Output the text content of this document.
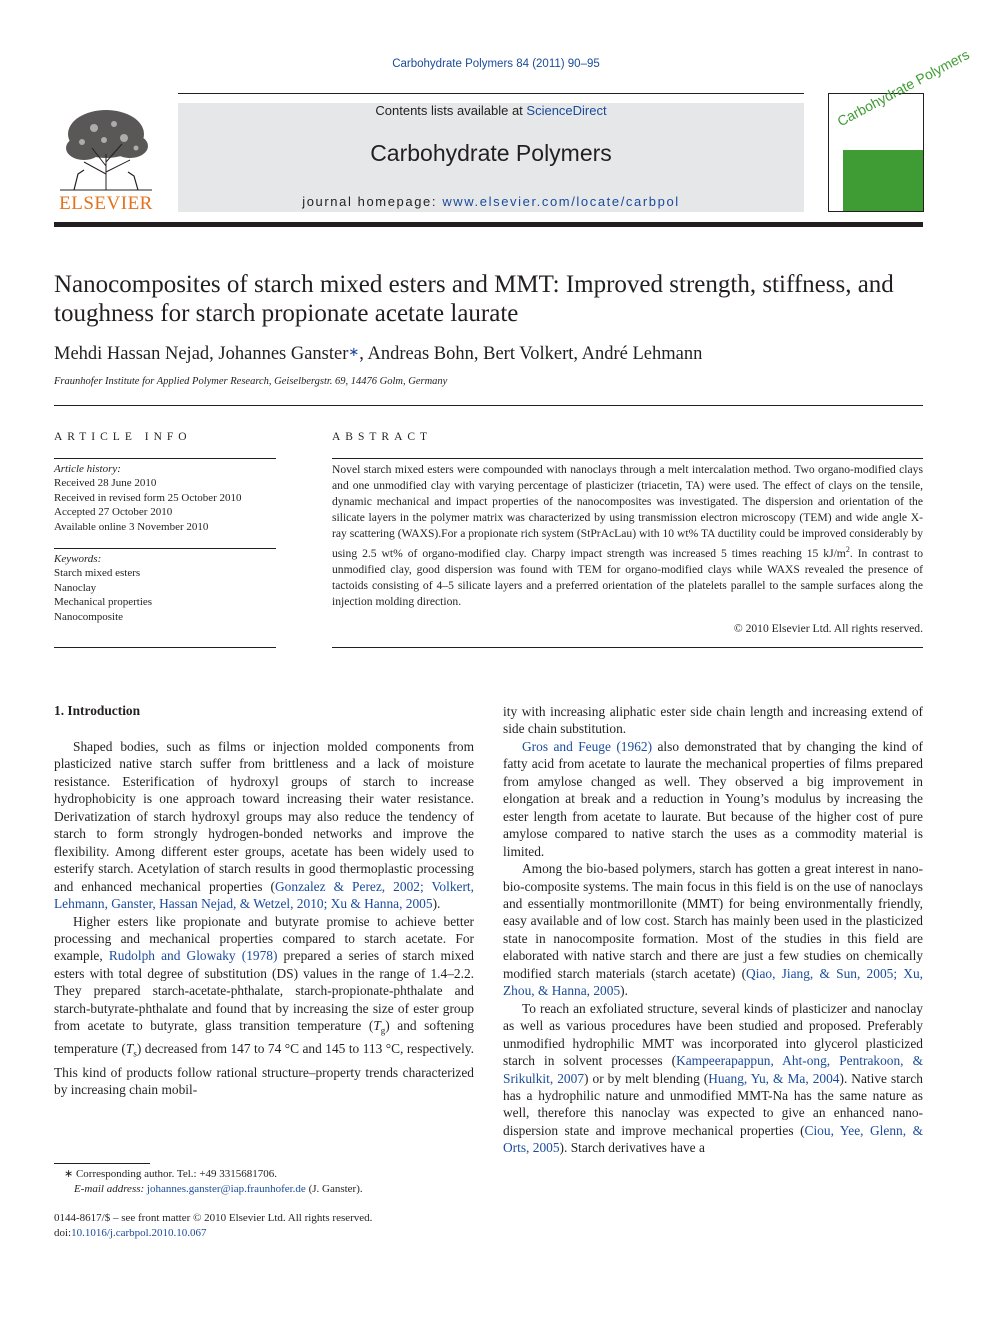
Carbohydrate Polymers 84 (2011) 90–95
ELSEVIER
Contents lists available at ScienceDirect
Carbohydrate Polymers
journal homepage: www.elsevier.com/locate/carbpol
Carbohydrate Polymers
Nanocomposites of starch mixed esters and MMT: Improved strength, stiffness, and toughness for starch propionate acetate laurate
Mehdi Hassan Nejad, Johannes Ganster∗, Andreas Bohn, Bert Volkert, André Lehmann
Fraunhofer Institute for Applied Polymer Research, Geiselbergstr. 69, 14476 Golm, Germany
ARTICLE INFO
Article history:
Received 28 June 2010
Received in revised form 25 October 2010
Accepted 27 October 2010
Available online 3 November 2010
Keywords:
Starch mixed esters
Nanoclay
Mechanical properties
Nanocomposite
ABSTRACT
Novel starch mixed esters were compounded with nanoclays through a melt intercalation method. Two organo-modified clays and one unmodified clay with varying percentage of plasticizer (triacetin, TA) were used. The effect of clays on the tensile, dynamic mechanical and impact properties of the nanocomposites was investigated. The dispersion and orientation of the silicate layers in the polymer matrix was characterized by using transmission electron microscopy (TEM) and wide angle X-ray scattering (WAXS).For a propionate rich system (StPrAcLau) with 10 wt% TA ductility could be improved considerably by using 2.5 wt% of organo-modified clay. Charpy impact strength was increased 5 times reaching 15 $kJ/m^2$. In contrast to unmodified clay, good dispersion was found with TEM for organo-modified clays while WAXS revealed the presence of tactoids consisting of 4–5 silicate layers and a preferred orientation of the platelets parallel to the sample surfaces along the injection molding direction.
© 2010 Elsevier Ltd. All rights reserved.
1. Introduction

Shaped bodies, such as films or injection molded components from plasticized native starch suffer from brittleness and a lack of moisture resistance. Esterification of hydroxyl groups of starch to increase hydrophobicity is one approach toward increasing their water resistance. Derivatization of starch hydroxyl groups may also reduce the tendency of starch to form strongly hydrogen-bonded networks and improve the flexibility. Among different ester groups, acetate has been widely used to esterify starch. Acetylation of starch results in good thermoplastic processing and enhanced mechanical properties (Gonzalez & Perez, 2002; Volkert, Lehmann, Ganster, Hassan Nejad, & Wetzel, 2010; Xu & Hanna, 2005).

Higher esters like propionate and butyrate promise to achieve better processing and mechanical properties compared to starch acetate. For example, Rudolph and Glowaky (1978) prepared a series of starch mixed esters with total degree of substitution (DS) values in the range of 1.4–2.2. They prepared starch-acetate-phthalate, starch-propionate-phthalate and starch-butyrate-phthalate and found that by increasing the size of ester group from acetate to butyrate, glass transition temperature $(T_g)$ and softening temperature $(T_s)$ decreased from 147 to 74 °C and 145 to 113 °C, respectively. This kind of products follow rational structure–property trends characterized by increasing chain mobil-

ity with increasing aliphatic ester side chain length and increasing extend of side chain substitution.

Gros and Feuge (1962) also demonstrated that by changing the kind of fatty acid from acetate to laurate the mechanical properties of films prepared from amylose changed as well. They observed a big improvement in elongation at break and a reduction in Young’s modulus by increasing the ester length from acetate to laurate. But because of the higher cost of pure amylose compared to native starch the uses as a commodity material is limited.

Among the bio-based polymers, starch has gotten a great interest in nano-bio-composite systems. The main focus in this field is on the use of nanoclays and essentially montmorillonite (MMT) for being environmentally friendly, easy available and of low cost. Starch has mainly been used in the plasticized state in nanocomposite formation. Most of the studies in this field are elaborated with native starch and there are just a few studies on chemically modified starch materials (starch acetate) (Qiao, Jiang, & Sun, 2005; Xu, Zhou, & Hanna, 2005).

To reach an exfoliated structure, several kinds of plasticizer and nanoclay as well as various procedures have been studied and proposed. Preferably unmodified hydrophilic MMT was incorporated into glycerol plasticized starch in solvent processes (Kampeerapappun, Aht-ong, Pentrakoon, & Srikulkit, 2007) or by melt blending (Huang, Yu, & Ma, 2004). Native starch has a hydrophilic nature and unmodified MMT-Na has the same nature as well, therefore this nanoclay was expected to give an enhanced nano-dispersion state and improve mechanical properties (Ciou, Yee, Glenn, & Orts, 2005). Starch derivatives have a

∗ Corresponding author. Tel.: +49 3315681706.
E-mail address: johannes.ganster@iap.fraunhofer.de (J. Ganster).
0144-8617/$ – see front matter © 2010 Elsevier Ltd. All rights reserved.
doi:10.1016/j.carbpol.2010.10.067
